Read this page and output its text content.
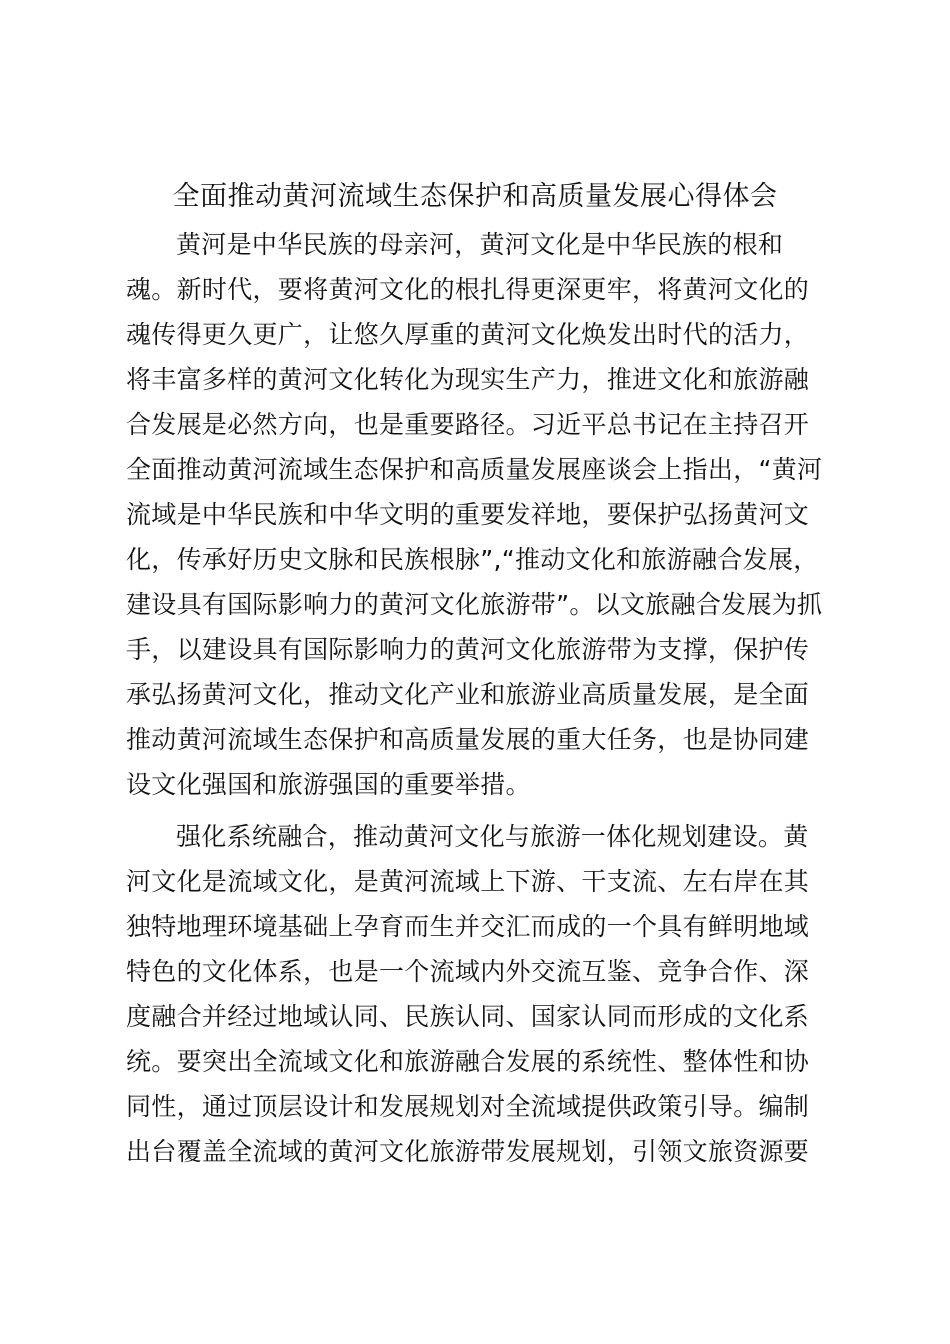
全面推动黄河流域生态保护和高质量发展心得体会
黄河是中华民族的母亲河，黄河文化是中华民族的根和
魂。新时代，要将黄河文化的根扎得更深更牢，将黄河文化的
魂传得更久更广，让悠久厚重的黄河文化焕发出时代的活力，
将丰富多样的黄河文化转化为现实生产力，推进文化和旅游融
合发展是必然方向，也是重要路径。习近平总书记在主持召开
全面推动黄河流域生态保护和高质量发展座谈会上指出，“黄河
流域是中华民族和中华文明的重要发祥地，要保护弘扬黄河文
化，传承好历史文脉和民族根脉”,“推动文化和旅游融合发展，
建设具有国际影响力的黄河文化旅游带”。以文旅融合发展为抓
手，以建设具有国际影响力的黄河文化旅游带为支撑，保护传
承弘扬黄河文化，推动文化产业和旅游业高质量发展，是全面
推动黄河流域生态保护和高质量发展的重大任务，也是协同建
设文化强国和旅游强国的重要举措。
强化系统融合，推动黄河文化与旅游一体化规划建设。黄
河文化是流域文化，是黄河流域上下游、干支流、左右岸在其
独特地理环境基础上孕育而生并交汇而成的一个具有鲜明地域
特色的文化体系，也是一个流域内外交流互鉴、竞争合作、深
度融合并经过地域认同、民族认同、国家认同而形成的文化系
统。要突出全流域文化和旅游融合发展的系统性、整体性和协
同性，通过顶层设计和发展规划对全流域提供政策引导。编制
出台覆盖全流域的黄河文化旅游带发展规划，引领文旅资源要
